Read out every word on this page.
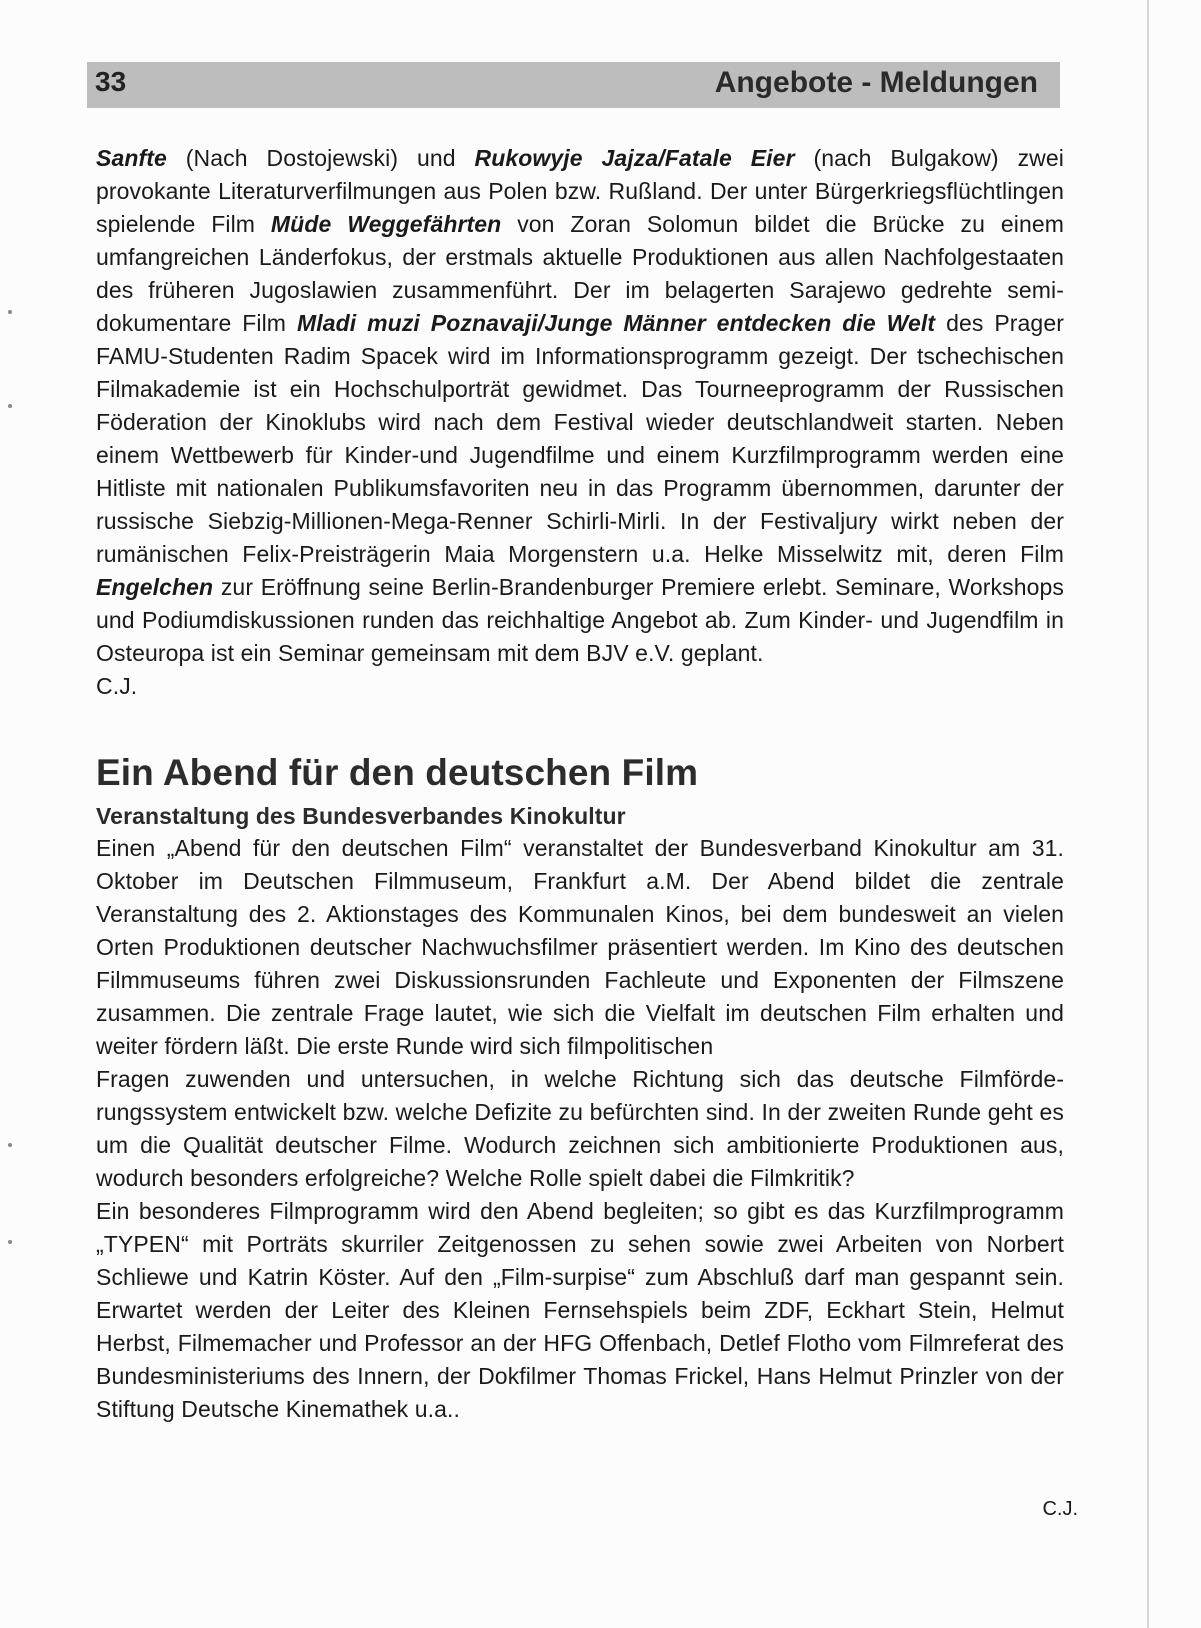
33	Angebote - Meldungen

Sanfte (Nach Dostojewski) und Rukowyje Jajza/Fatale Eier (nach Bulgakow) zwei provokante Literaturverfilmungen aus Polen bzw. Rußland. Der unter Bürgerkriegsflüchtlingen spielende Film Müde Weggefährten von Zoran Solomun bildet die Brücke zu einem umfangreichen Länderfokus, der erstmals aktuelle Produktionen aus allen Nachfolgestaaten des früheren Jugoslawien zusammenführt. Der im belagerten Sarajewo gedrehte semi-dokumentare Film Mladi muzi Poznavaji/Junge Männer entdecken die Welt des Prager FAMU-Studenten Radim Spacek wird im Informationsprogramm gezeigt. Der tschechischen Filmakademie ist ein Hochschulporträt gewidmet. Das Tourneeprogramm der Russischen Föderation der Kinoklubs wird nach dem Festival wieder deutschlandweit starten. Neben einem Wettbewerb für Kinder-und Jugendfilme und einem Kurzfilmprogramm werden eine Hitliste mit nationalen Publikumsfavoriten neu in das Programm übernommen, darunter der russische Siebzig-Millionen-Mega-Renner Schirli-Mirli. In der Festivaljury wirkt neben der rumänischen Felix-Preisträgerin Maia Morgenstern u.a. Helke Misselwitz mit, deren Film Engelchen zur Eröffnung seine Berlin-Brandenburger Premiere erlebt. Seminare, Workshops und Podiumdiskussionen runden das reichhaltige Angebot ab. Zum Kinder- und Jugendfilm in Osteuropa ist ein Seminar gemeinsam mit dem BJV e.V. geplant.

C.J.

Ein Abend für den deutschen Film
Veranstaltung des Bundesverbandes Kinokultur

Einen „Abend für den deutschen Film“ veranstaltet der Bundesverband Kinokultur am 31. Oktober im Deutschen Filmmuseum, Frankfurt a.M. Der Abend bildet die zentrale Veranstaltung des 2. Aktionstages des Kommunalen Kinos, bei dem bundesweit an vielen Orten Produktionen deutscher Nachwuchsfilmer präsentiert werden. Im Kino des deutschen Filmmuseums führen zwei Diskussionsrunden Fachleute und Exponenten der Filmszene zusammen. Die zentrale Frage lautet, wie sich die Vielfalt im deutschen Film erhalten und weiter fördern läßt. Die erste Runde wird sich filmpolitischen

Fragen zuwenden und untersuchen, in welche Richtung sich das deutsche Filmförderungssystem entwickelt bzw. welche Defizite zu befürchten sind. In der zweiten Runde geht es um die Qualität deutscher Filme. Wodurch zeichnen sich ambitionierte Produktionen aus, wodurch besonders erfolgreiche? Welche Rolle spielt dabei die Filmkritik?

Ein besonderes Filmprogramm wird den Abend begleiten; so gibt es das Kurzfilmprogramm „TYPEN“ mit Porträts skurriler Zeitgenossen zu sehen sowie zwei Arbeiten von Norbert Schliewe und Katrin Köster. Auf den „Film-surpise“ zum Abschluß darf man gespannt sein. Erwartet werden der Leiter des Kleinen Fernsehspiels beim ZDF, Eckhart Stein, Helmut Herbst, Filmemacher und Professor an der HFG Offenbach, Detlef Flotho vom Filmreferat des Bundesministeriums des Innern, der Dokfilmer Thomas Frickel, Hans Helmut Prinzler von der Stiftung Deutsche Kinemathek u.a..

C.J.
